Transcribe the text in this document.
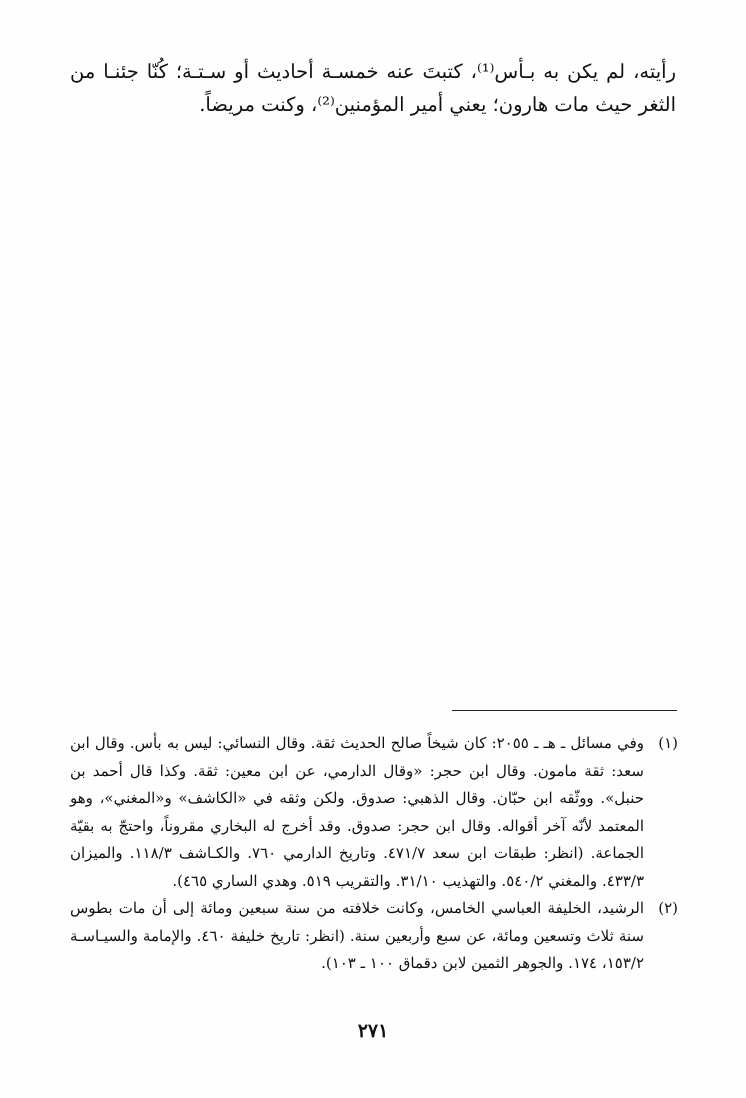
رأيته، لم يكن به بـأس⁽¹⁾، كتبتَ عنه خمسـة أحاديث أو سـتـة؛ كُنّا جئنـا من الثغر حيث مات هارون؛ يعني أمير المؤمنين⁽²⁾، وكنت مريضاً.

(١)

وفي مسائل ـ هـ ـ ٢٠٥٥: كان شيخاً صالح الحديث ثقة. وقال النسائي: ليس به بأس. وقال ابن سعد: ثقة مامون. وقال ابن حجر: «وقال الدارمي، عن ابن معين: ثقة. وكذا قال أحمد بن حنبل». ووثّقه ابن حبّان. وقال الذهبي: صدوق. ولكن وثقه في «الكاشف» و«المغني»، وهو المعتمد لأنّه آخر أقواله. وقال ابن حجر: صدوق. وقد أخرج له البخاري مقروناً، واحتجّ به بقيّة الجماعة. (انظر: طبقات ابن سعد ٤٧١/٧. وتاريخ الدارمي ٧٦٠. والكـاشف ١١٨/٣. والميزان ٤٣٣/٣. والمغني ٥٤٠/٢. والتهذيب ٣١/١٠. والتقريب ٥١٩. وهدي الساري ٤٦٥).

(٢)

الرشيد، الخليفة العباسي الخامس، وكانت خلافته من سنة سبعين ومائة إلى أن مات بطوس سنة ثلاث وتسعين ومائة، عن سبع وأربعين سنة. (انظر: تاريخ خليفة ٤٦٠. والإمامة والسيـاسـة ١٥٣/٢، ١٧٤. والجوهر الثمين لابن دقماق ١٠٠ ـ ١٠٣).

٢٧١
